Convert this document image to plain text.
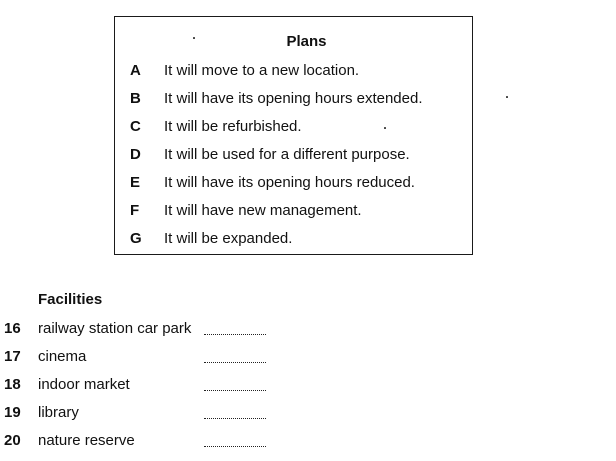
Plans
A	It will move to a new location.
B	It will have its opening hours extended.
C	It will be refurbished.
D	It will be used for a different purpose.
E	It will have its opening hours reduced.
F	It will have new management.
G	It will be expanded.
Facilities
16 railway station car park
17 cinema
18 indoor market
19 library
20 nature reserve
